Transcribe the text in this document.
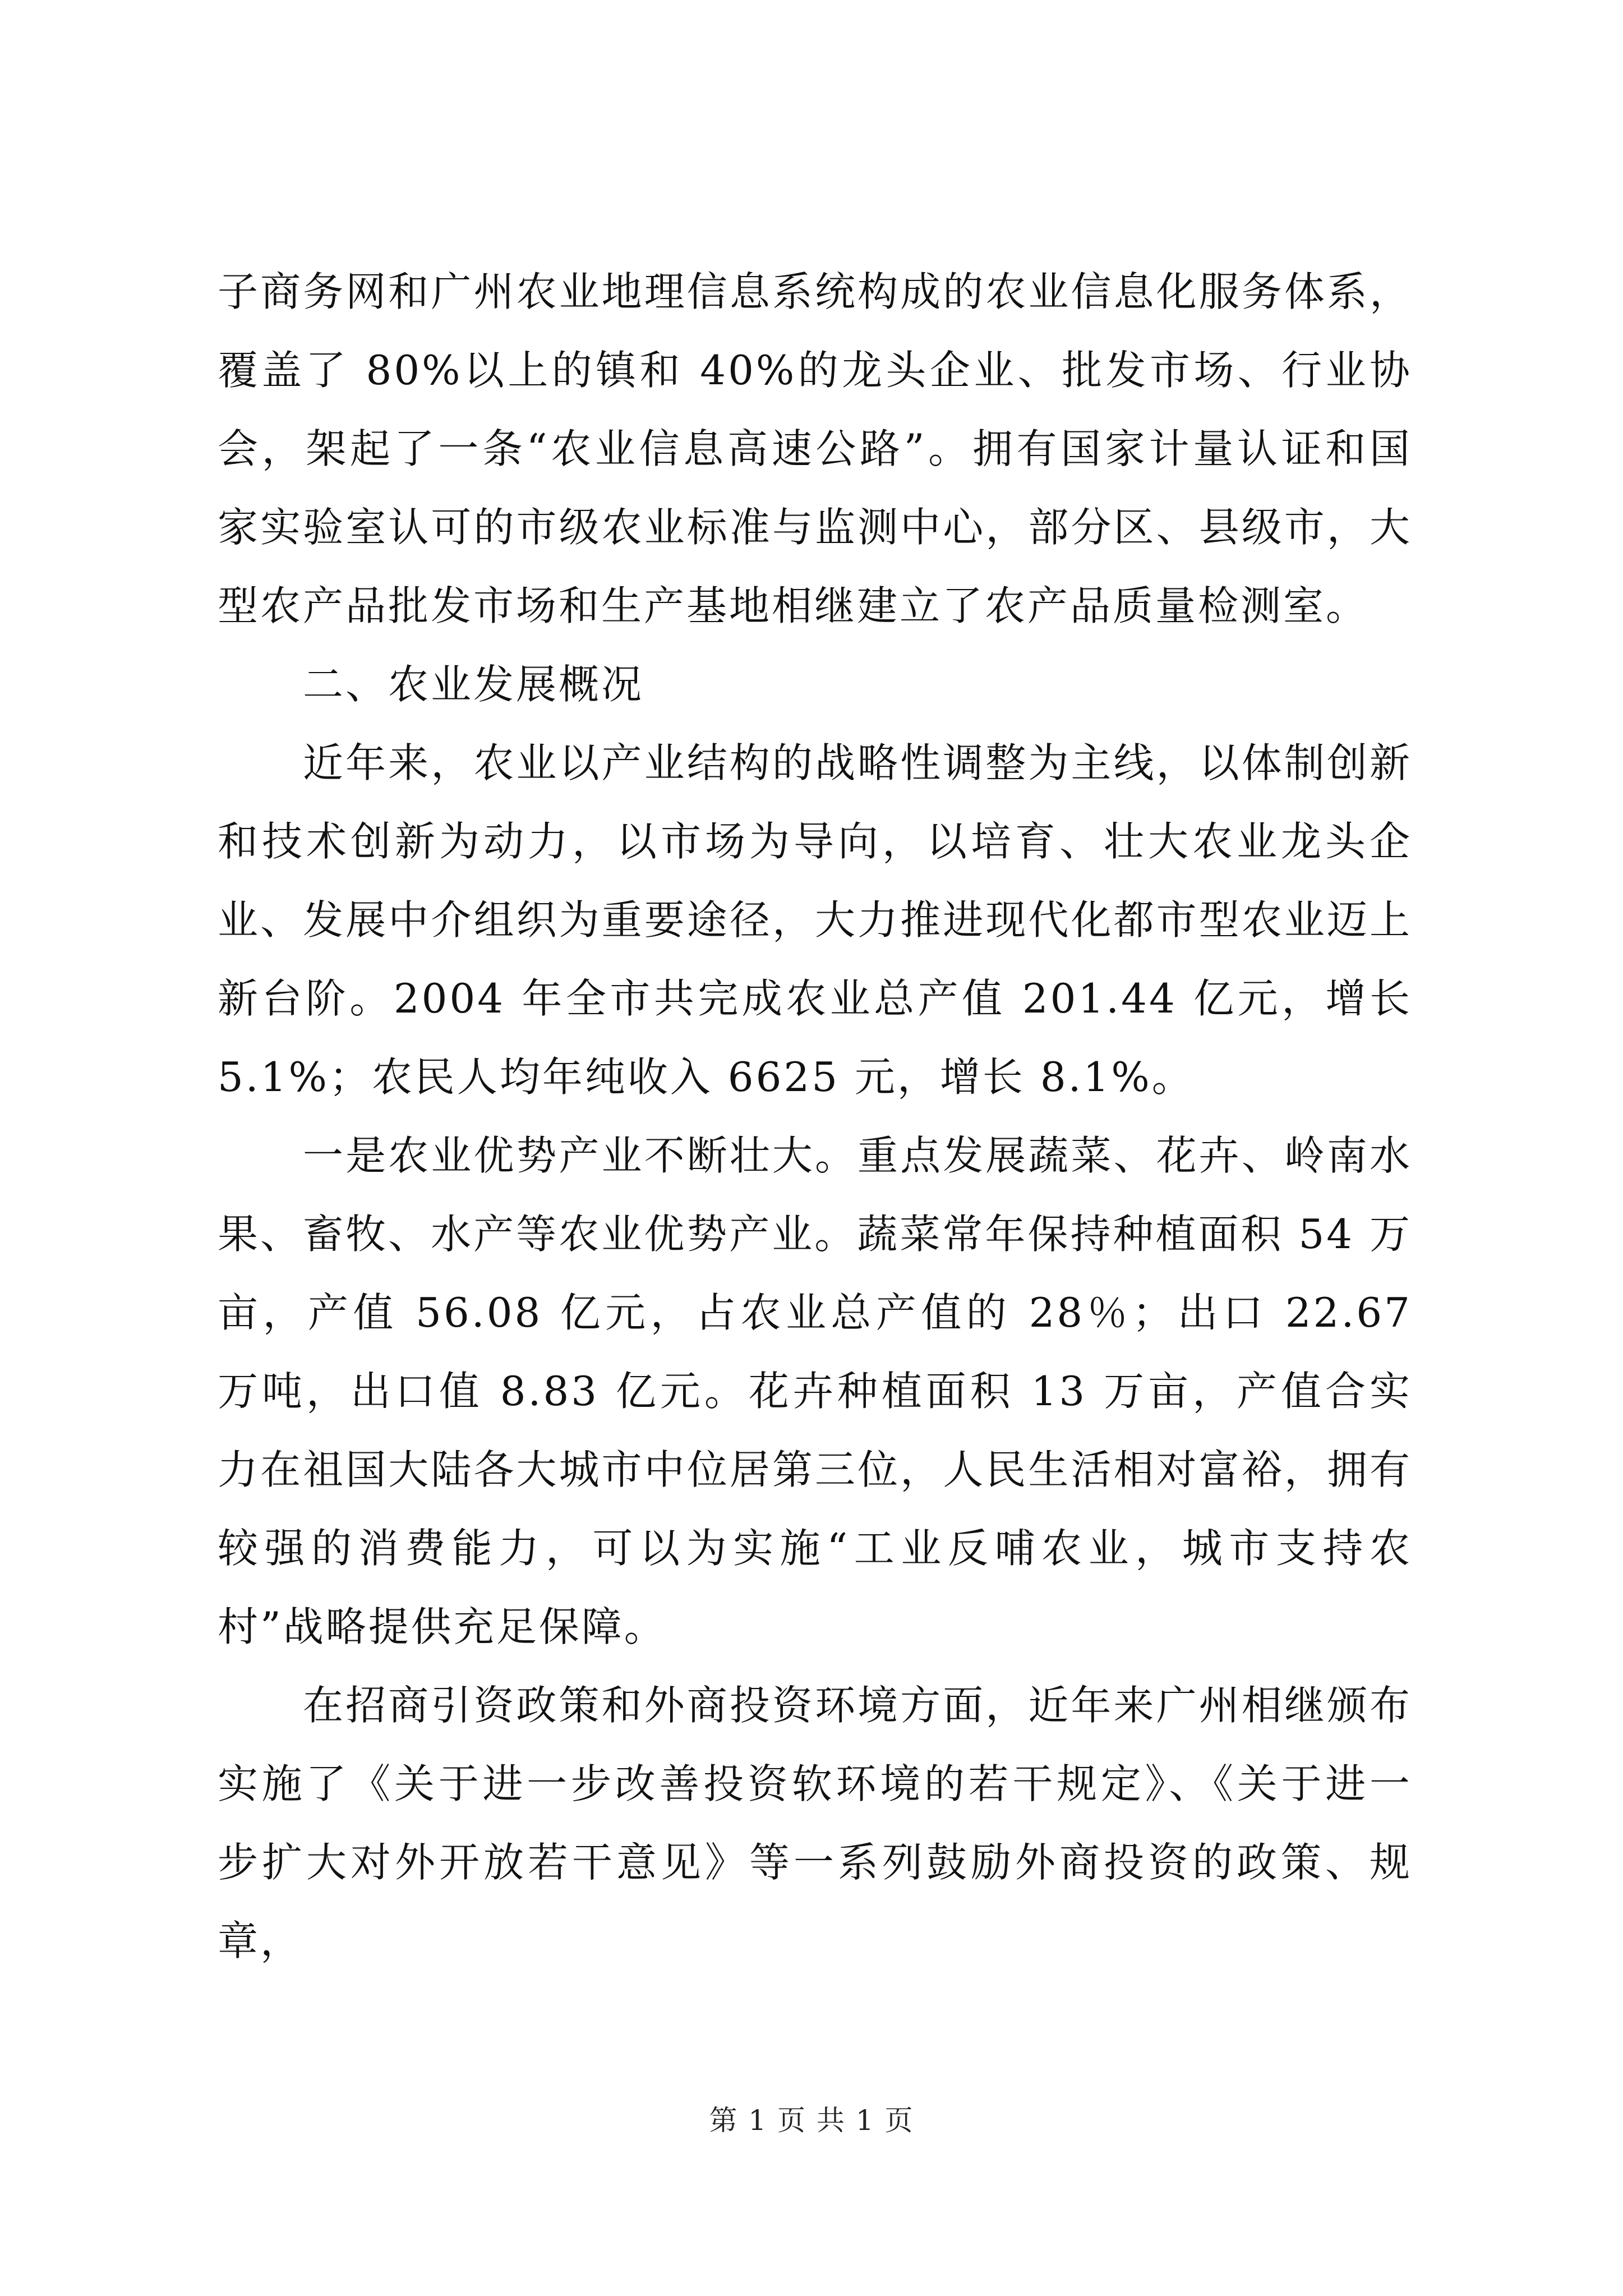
子商务网和广州农业地理信息系统构成的农业信息化服务体系，覆盖了 80%以上的镇和 40%的龙头企业、批发市场、行业协会，架起了一条“农业信息高速公路”。拥有国家计量认证和国家实验室认可的市级农业标准与监测中心，部分区、县级市，大型农产品批发市场和生产基地相继建立了农产品质量检测室。

二、农业发展概况

近年来，农业以产业结构的战略性调整为主线，以体制创新和技术创新为动力，以市场为导向，以培育、壮大农业龙头企业、发展中介组织为重要途径，大力推进现代化都市型农业迈上新台阶。2004 年全市共完成农业总产值 201.44 亿元，增长 5.1%；农民人均年纯收入 6625 元，增长 8.1%。

一是农业优势产业不断壮大。重点发展蔬菜、花卉、岭南水果、畜牧、水产等农业优势产业。蔬菜常年保持种植面积 54 万亩，产值 56.08 亿元，占农业总产值的 28％；出口 22.67 万吨，出口值 8.83 亿元。花卉种植面积 13 万亩，产值合实力在祖国大陆各大城市中位居第三位，人民生活相对富裕，拥有较强的消费能力，可以为实施“工业反哺农业，城市支持农村”战略提供充足保障。

在招商引资政策和外商投资环境方面，近年来广州相继颁布实施了《关于进一步改善投资软环境的若干规定》、《关于进一步扩大对外开放若干意见》等一系列鼓励外商投资的政策、规章，

第 1 页 共 1 页
